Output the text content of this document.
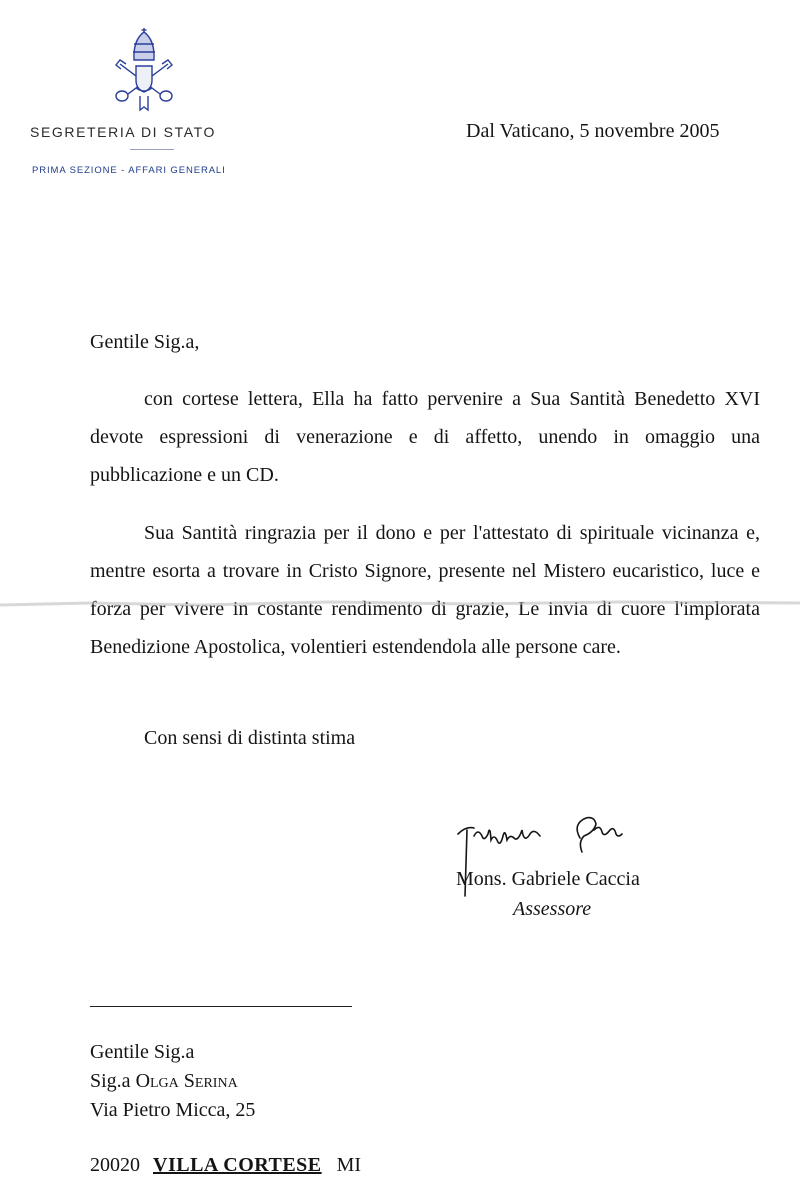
SEGRETERIA DI STATO
PRIMA SEZIONE - AFFARI GENERALI
Dal Vaticano, 5 novembre 2005
Gentile Sig.a,
con cortese lettera, Ella ha fatto pervenire a Sua Santità Benedetto XVI devote espressioni di venerazione e di affetto, unendo in omaggio una pubblicazione e un CD.
Sua Santità ringrazia per il dono e per l'attestato di spirituale vicinanza e, mentre esorta a trovare in Cristo Signore, presente nel Mistero eucaristico, luce e forza per vivere in costante rendimento di grazie, Le invia di cuore l'implorata Benedizione Apostolica, volentieri estendendola alle persone care.
Con sensi di distinta stima
Mons. Gabriele Caccia
Assessore
Gentile Sig.a
Sig.a Olga Serina
Via Pietro Micca, 25
20020 VILLA CORTESE MI
